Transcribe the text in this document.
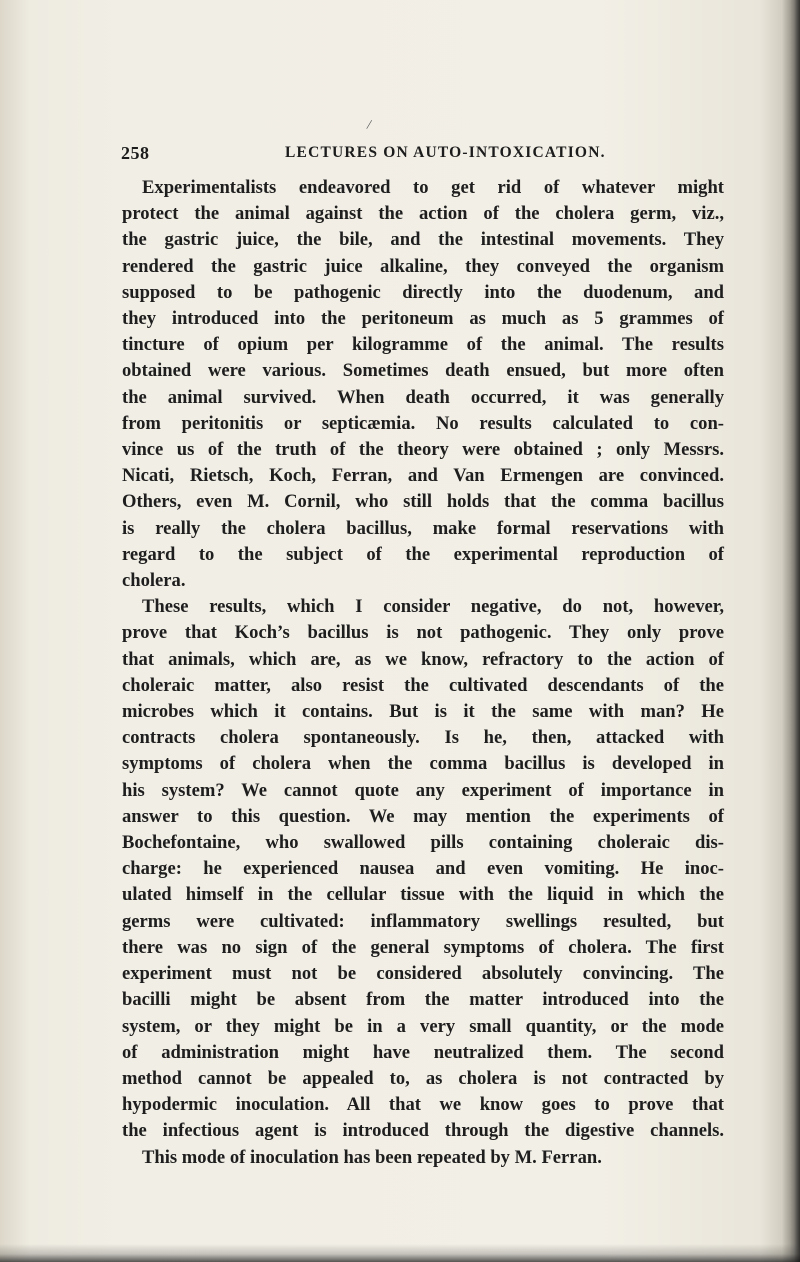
/
258	LECTURES ON AUTO-INTOXICATION.
Experimentalists endeavored to get rid of whatever might
protect the animal against the action of the cholera germ, viz.,
the gastric juice, the bile, and the intestinal movements. They
rendered the gastric juice alkaline, they conveyed the organism
supposed to be pathogenic directly into the duodenum, and
they introduced into the peritoneum as much as 5 grammes of
tincture of opium per kilogramme of the animal. The results
obtained were various. Sometimes death ensued, but more often
the animal survived. When death occurred, it was generally
from peritonitis or septicæmia. No results calculated to con-
vince us of the truth of the theory were obtained ; only Messrs.
Nicati, Rietsch, Koch, Ferran, and Van Ermengen are convinced.
Others, even M. Cornil, who still holds that the comma bacillus
is really the cholera bacillus, make formal reservations with
regard to the subject of the experimental reproduction of
cholera.
These results, which I consider negative, do not, however,
prove that Koch’s bacillus is not pathogenic. They only prove
that animals, which are, as we know, refractory to the action of
choleraic matter, also resist the cultivated descendants of the
microbes which it contains. But is it the same with man? He
contracts cholera spontaneously. Is he, then, attacked with
symptoms of cholera when the comma bacillus is developed in
his system? We cannot quote any experiment of importance in
answer to this question. We may mention the experiments of
Bochefontaine, who swallowed pills containing choleraic dis-
charge: he experienced nausea and even vomiting. He inoc-
ulated himself in the cellular tissue with the liquid in which the
germs were cultivated: inflammatory swellings resulted, but
there was no sign of the general symptoms of cholera. The first
experiment must not be considered absolutely convincing. The
bacilli might be absent from the matter introduced into the
system, or they might be in a very small quantity, or the mode
of administration might have neutralized them. The second
method cannot be appealed to, as cholera is not contracted by
hypodermic inoculation. All that we know goes to prove that
the infectious agent is introduced through the digestive channels.
This mode of inoculation has been repeated by M. Ferran.
